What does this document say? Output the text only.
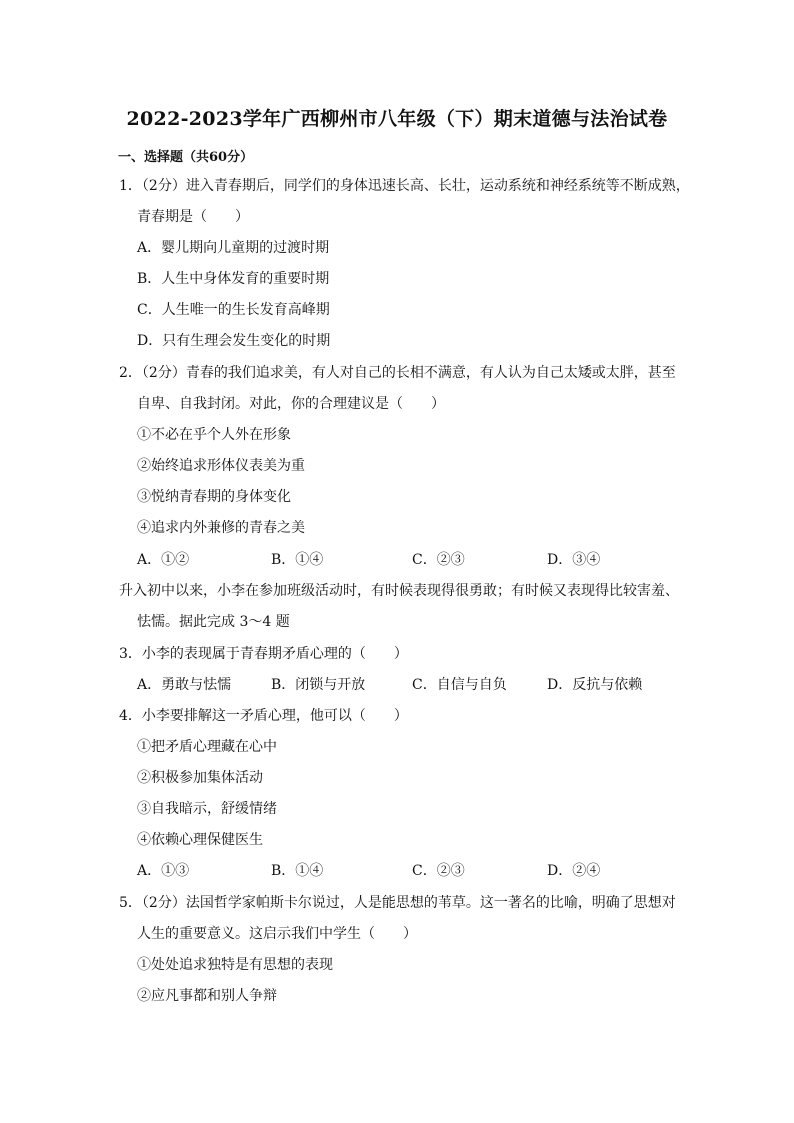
2022-2023学年广西柳州市八年级（下）期末道德与法治试卷
一、选择题（共60分）
1．（2分）进入青春期后，同学们的身体迅速长高、长壮，运动系统和神经系统等不断成熟，
青春期是（　　）
A．婴儿期向儿童期的过渡时期
B．人生中身体发育的重要时期
C．人生唯一的生长发育高峰期
D．只有生理会发生变化的时期
2．（2分）青春的我们追求美，有人对自己的长相不满意，有人认为自己太矮或太胖，甚至
自卑、自我封闭。对此，你的合理建议是（　　）
①不必在乎个人外在形象
②始终追求形体仪表美为重
③悦纳青春期的身体变化
④追求内外兼修的青春之美
A．①②	B．①④	C．②③	D．③④
升入初中以来，小李在参加班级活动时，有时候表现得很勇敢；有时候又表现得比较害羞、
怯懦。据此完成 3～4 题
3．小李的表现属于青春期矛盾心理的（　　）
A．勇敢与怯懦	B．闭锁与开放	C．自信与自负	D．反抗与依赖
4．小李要排解这一矛盾心理，他可以（　　）
①把矛盾心理藏在心中
②积极参加集体活动
③自我暗示，舒缓情绪
④依赖心理保健医生
A．①③	B．①④	C．②③	D．②④
5．（2分）法国哲学家帕斯卡尔说过，人是能思想的苇草。这一著名的比喻，明确了思想对
人生的重要意义。这启示我们中学生（　　）
①处处追求独特是有思想的表现
②应凡事都和别人争辩
